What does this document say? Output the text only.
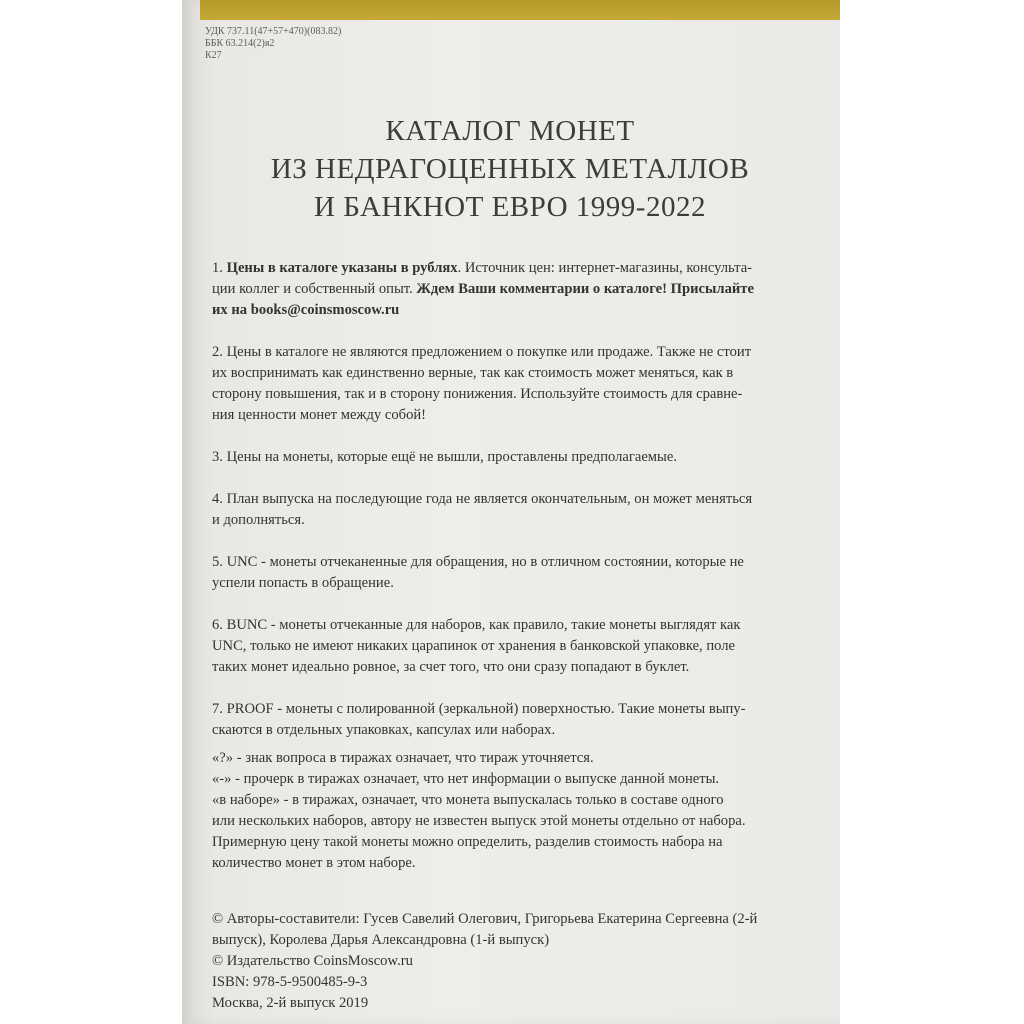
УДК 737.11(47+57+470)(083.82)
ББК 63.214(2)я2
К27
КАТАЛОГ МОНЕТ
ИЗ НЕДРАГОЦЕННЫХ МЕТАЛЛОВ
И БАНКНОТ ЕВРО 1999-2022

1. Цены в каталоге указаны в рублях. Источник цен: интернет-магазины, консульта-
ции коллег и собственный опыт. Ждем Ваши комментарии о каталоге! Присылайте
их на books@coinsmoscow.ru

2. Цены в каталоге не являются предложением о покупке или продаже. Также не стоит
их воспринимать как единственно верные, так как стоимость может меняться, как в
сторону повышения, так и в сторону понижения. Используйте стоимость для сравне-
ния ценности монет между собой!

3. Цены на монеты, которые ещё не вышли, проставлены предполагаемые.

4. План выпуска на последующие года не является окончательным, он может меняться
и дополняться.

5. UNC - монеты отчеканенные для обращения, но в отличном состоянии, которые не
успели попасть в обращение.

6. BUNC - монеты отчеканные для наборов, как правило, такие монеты выглядят как
UNC, только не имеют никаких царапинок от хранения в банковской упаковке, поле
таких монет идеально ровное, за счет того, что они сразу попадают в буклет.

7. PROOF - монеты с полированной (зеркальной) поверхностью. Такие монеты выпу-
скаются в отдельных упаковках, капсулах или наборах.

«?» - знак вопроса в тиражах означает, что тираж уточняется.
«-» - прочерк в тиражах означает, что нет информации о выпуске данной монеты.
«в наборе» - в тиражах, означает, что монета выпускалась только в составе одного
или нескольких наборов, автору не известен выпуск этой монеты отдельно от набора.
Примерную цену такой монеты можно определить, разделив стоимость набора на
количество монет в этом наборе.
© Авторы-составители: Гусев Савелий Олегович, Григорьева Екатерина Сергеевна (2-й
выпуск), Королева Дарья Александровна (1-й выпуск)
© Издательство CoinsMoscow.ru
ISBN: 978-5-9500485-9-3
Москва, 2-й выпуск 2019
